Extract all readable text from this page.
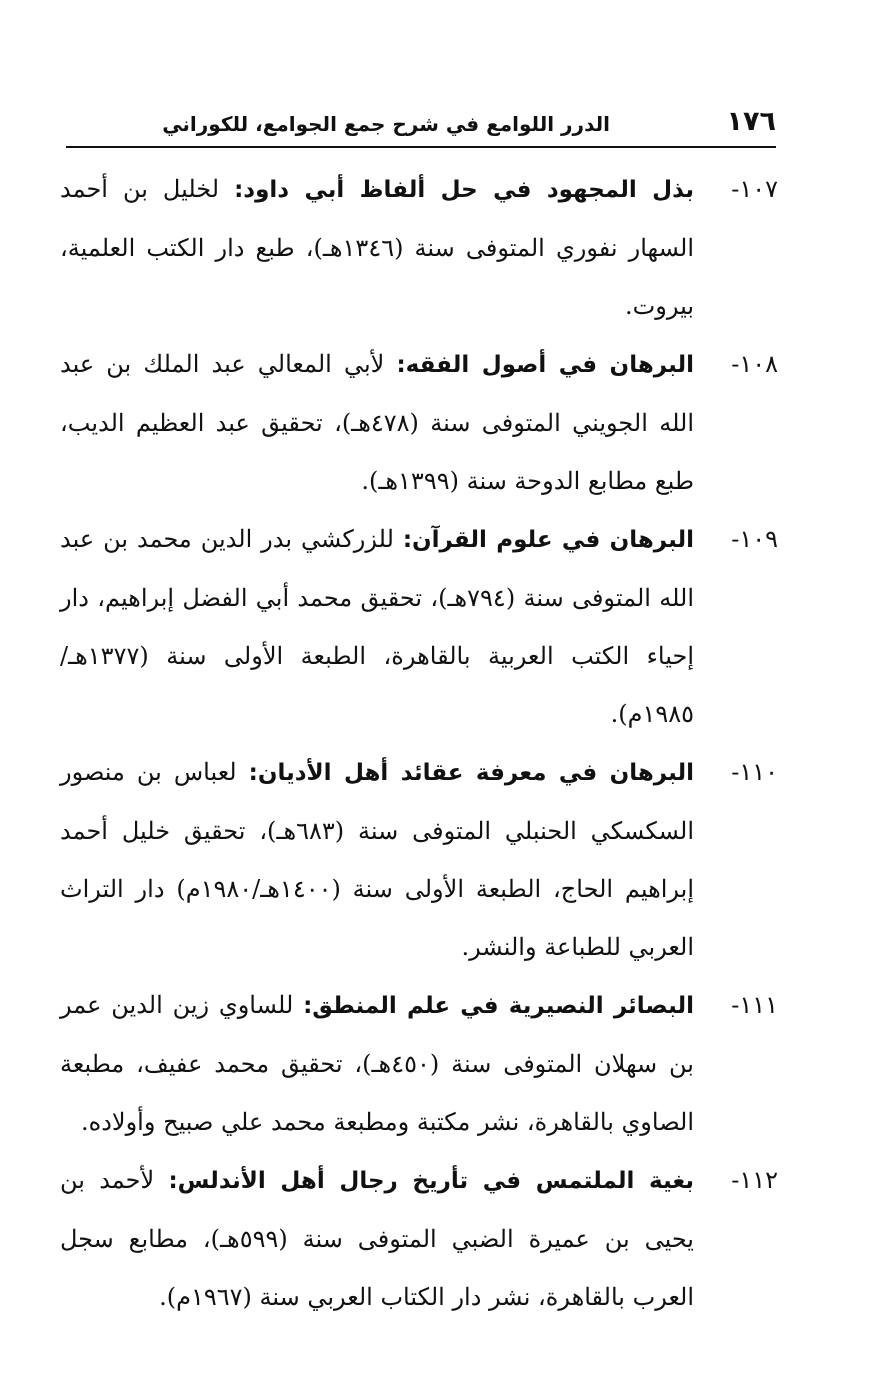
١٧٦
الدرر اللوامع في شرح جمع الجوامع، للكوراني
١٠٧-
بذل المجهود في حل ألفاظ أبي داود: لخليل بن أحمد السهار نفوري المتوفى سنة (١٣٤٦هـ)، طبع دار الكتب العلمية، بيروت.
١٠٨-
البرهان في أصول الفقه: لأبي المعالي عبد الملك بن عبد الله الجويني المتوفى سنة (٤٧٨هـ)، تحقيق عبد العظيم الديب، طبع مطابع الدوحة سنة (١٣٩٩هـ).
١٠٩-
البرهان في علوم القرآن: للزركشي بدر الدين محمد بن عبد الله المتوفى سنة (٧٩٤هـ)، تحقيق محمد أبي الفضل إبراهيم، دار إحياء الكتب العربية بالقاهرة، الطبعة الأولى سنة (١٣٧٧هـ/ ١٩٨٥م).
١١٠-
البرهان في معرفة عقائد أهل الأديان: لعباس بن منصور السكسكي الحنبلي المتوفى سنة (٦٨٣هـ)، تحقيق خليل أحمد إبراهيم الحاج، الطبعة الأولى سنة (١٤٠٠هـ/١٩٨٠م) دار التراث العربي للطباعة والنشر.
١١١-
البصائر النصيرية في علم المنطق: للساوي زين الدين عمر بن سهلان المتوفى سنة (٤٥٠هـ)، تحقيق محمد عفيف، مطبعة الصاوي بالقاهرة، نشر مكتبة ومطبعة محمد علي صبيح وأولاده.
١١٢-
بغية الملتمس في تأريخ رجال أهل الأندلس: لأحمد بن يحيى بن عميرة الضبي المتوفى سنة (٥٩٩هـ)، مطابع سجل العرب بالقاهرة، نشر دار الكتاب العربي سنة (١٩٦٧م).
